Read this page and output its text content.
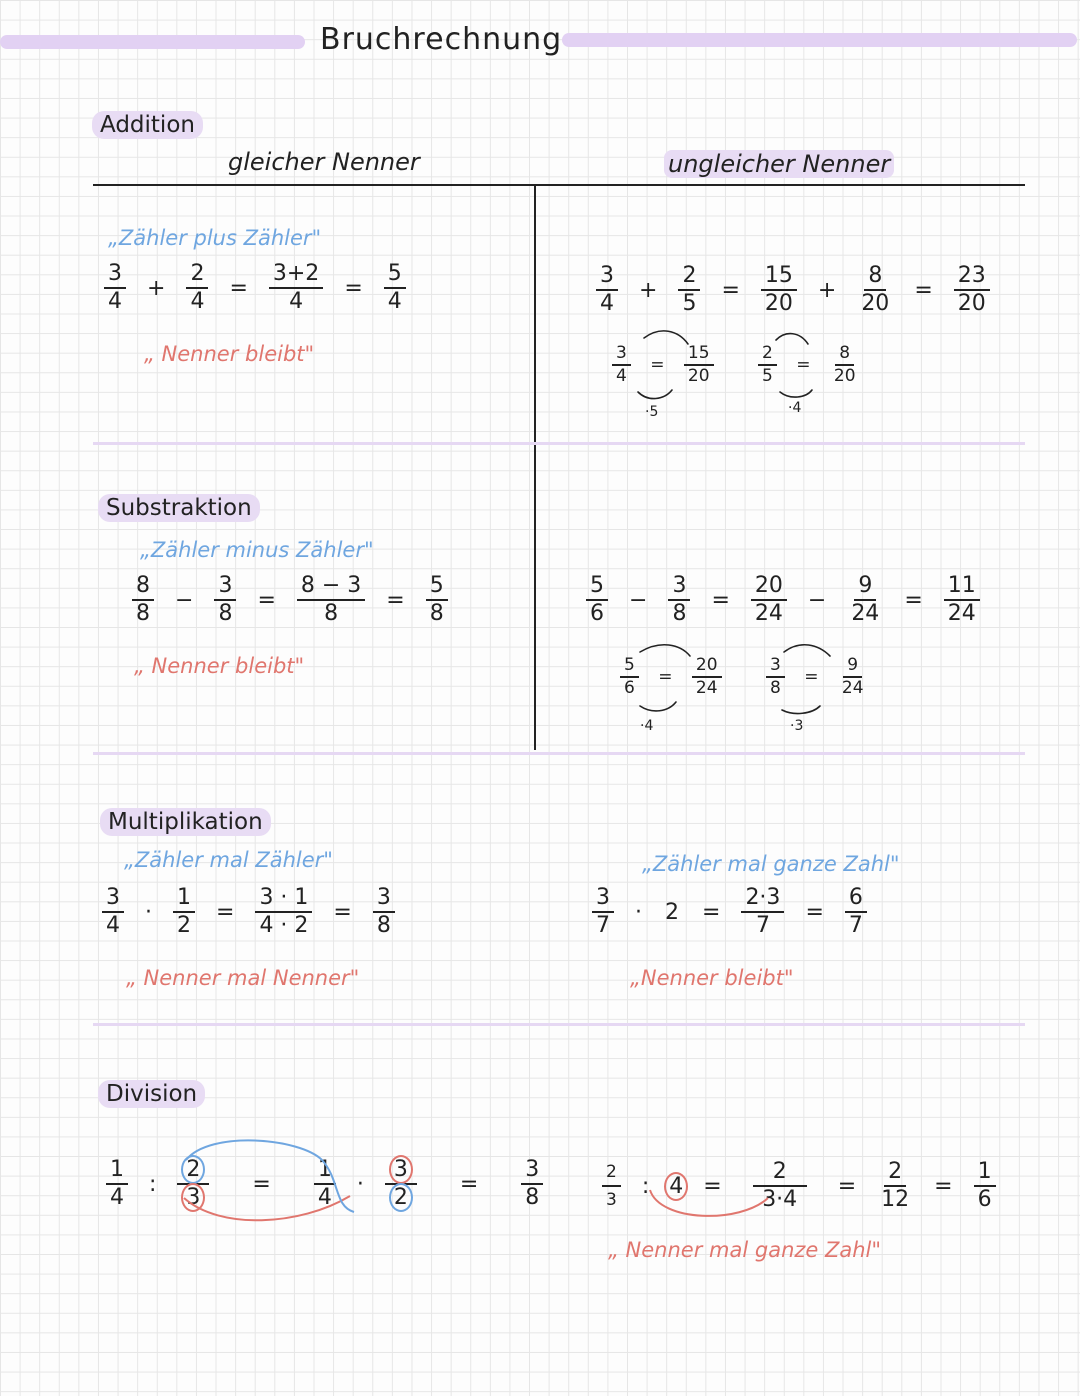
Bruchrechnung
Addition
gleicher Nenner	ungleicher Nenner
„Zähler plus Zähler"
$\frac{3}{4} + \frac{2}{4} = \frac{3+2}{4} = \frac{5}{4}$
„ Nenner bleibt"
$\frac{3}{4} + \frac{2}{5} = \frac{15}{20} + \frac{8}{20} = \frac{23}{20}$
$\frac{3}{4} = \frac{15}{20}$
·5
$\frac{2}{5} = \frac{8}{20}$
·4
Substraktion
„Zähler minus Zähler"
$\frac{8}{8} - \frac{3}{8} = \frac{8 - 3}{8} = \frac{5}{8}$
„ Nenner bleibt"
$\frac{5}{6} - \frac{3}{8} = \frac{20}{24} - \frac{9}{24} = \frac{11}{24}$
$\frac{5}{6} = \frac{20}{24}$
·4
$\frac{3}{8} = \frac{9}{24}$
·3
Multiplikation
„Zähler mal Zähler"
$\frac{3}{4} \cdot \frac{1}{2} = \frac{3 \cdot 1}{4 \cdot 2} = \frac{3}{8}$
„ Nenner mal Nenner"
„Zähler mal ganze Zahl"
$\frac{3}{7} \cdot 2 = \frac{2\cdot 3}{7} = \frac{6}{7}$
„Nenner bleibt"
Division
$\frac{1}{4}$ : $\frac{2}{3} = \frac{1}{4} \cdot \frac{3}{2} = \frac{3}{8}$	$\frac{2}{3}$ : $4 = \frac{2}{3\cdot 4} = \frac{2}{12} = \frac{1}{6}$
„ Nenner mal ganze Zahl"
